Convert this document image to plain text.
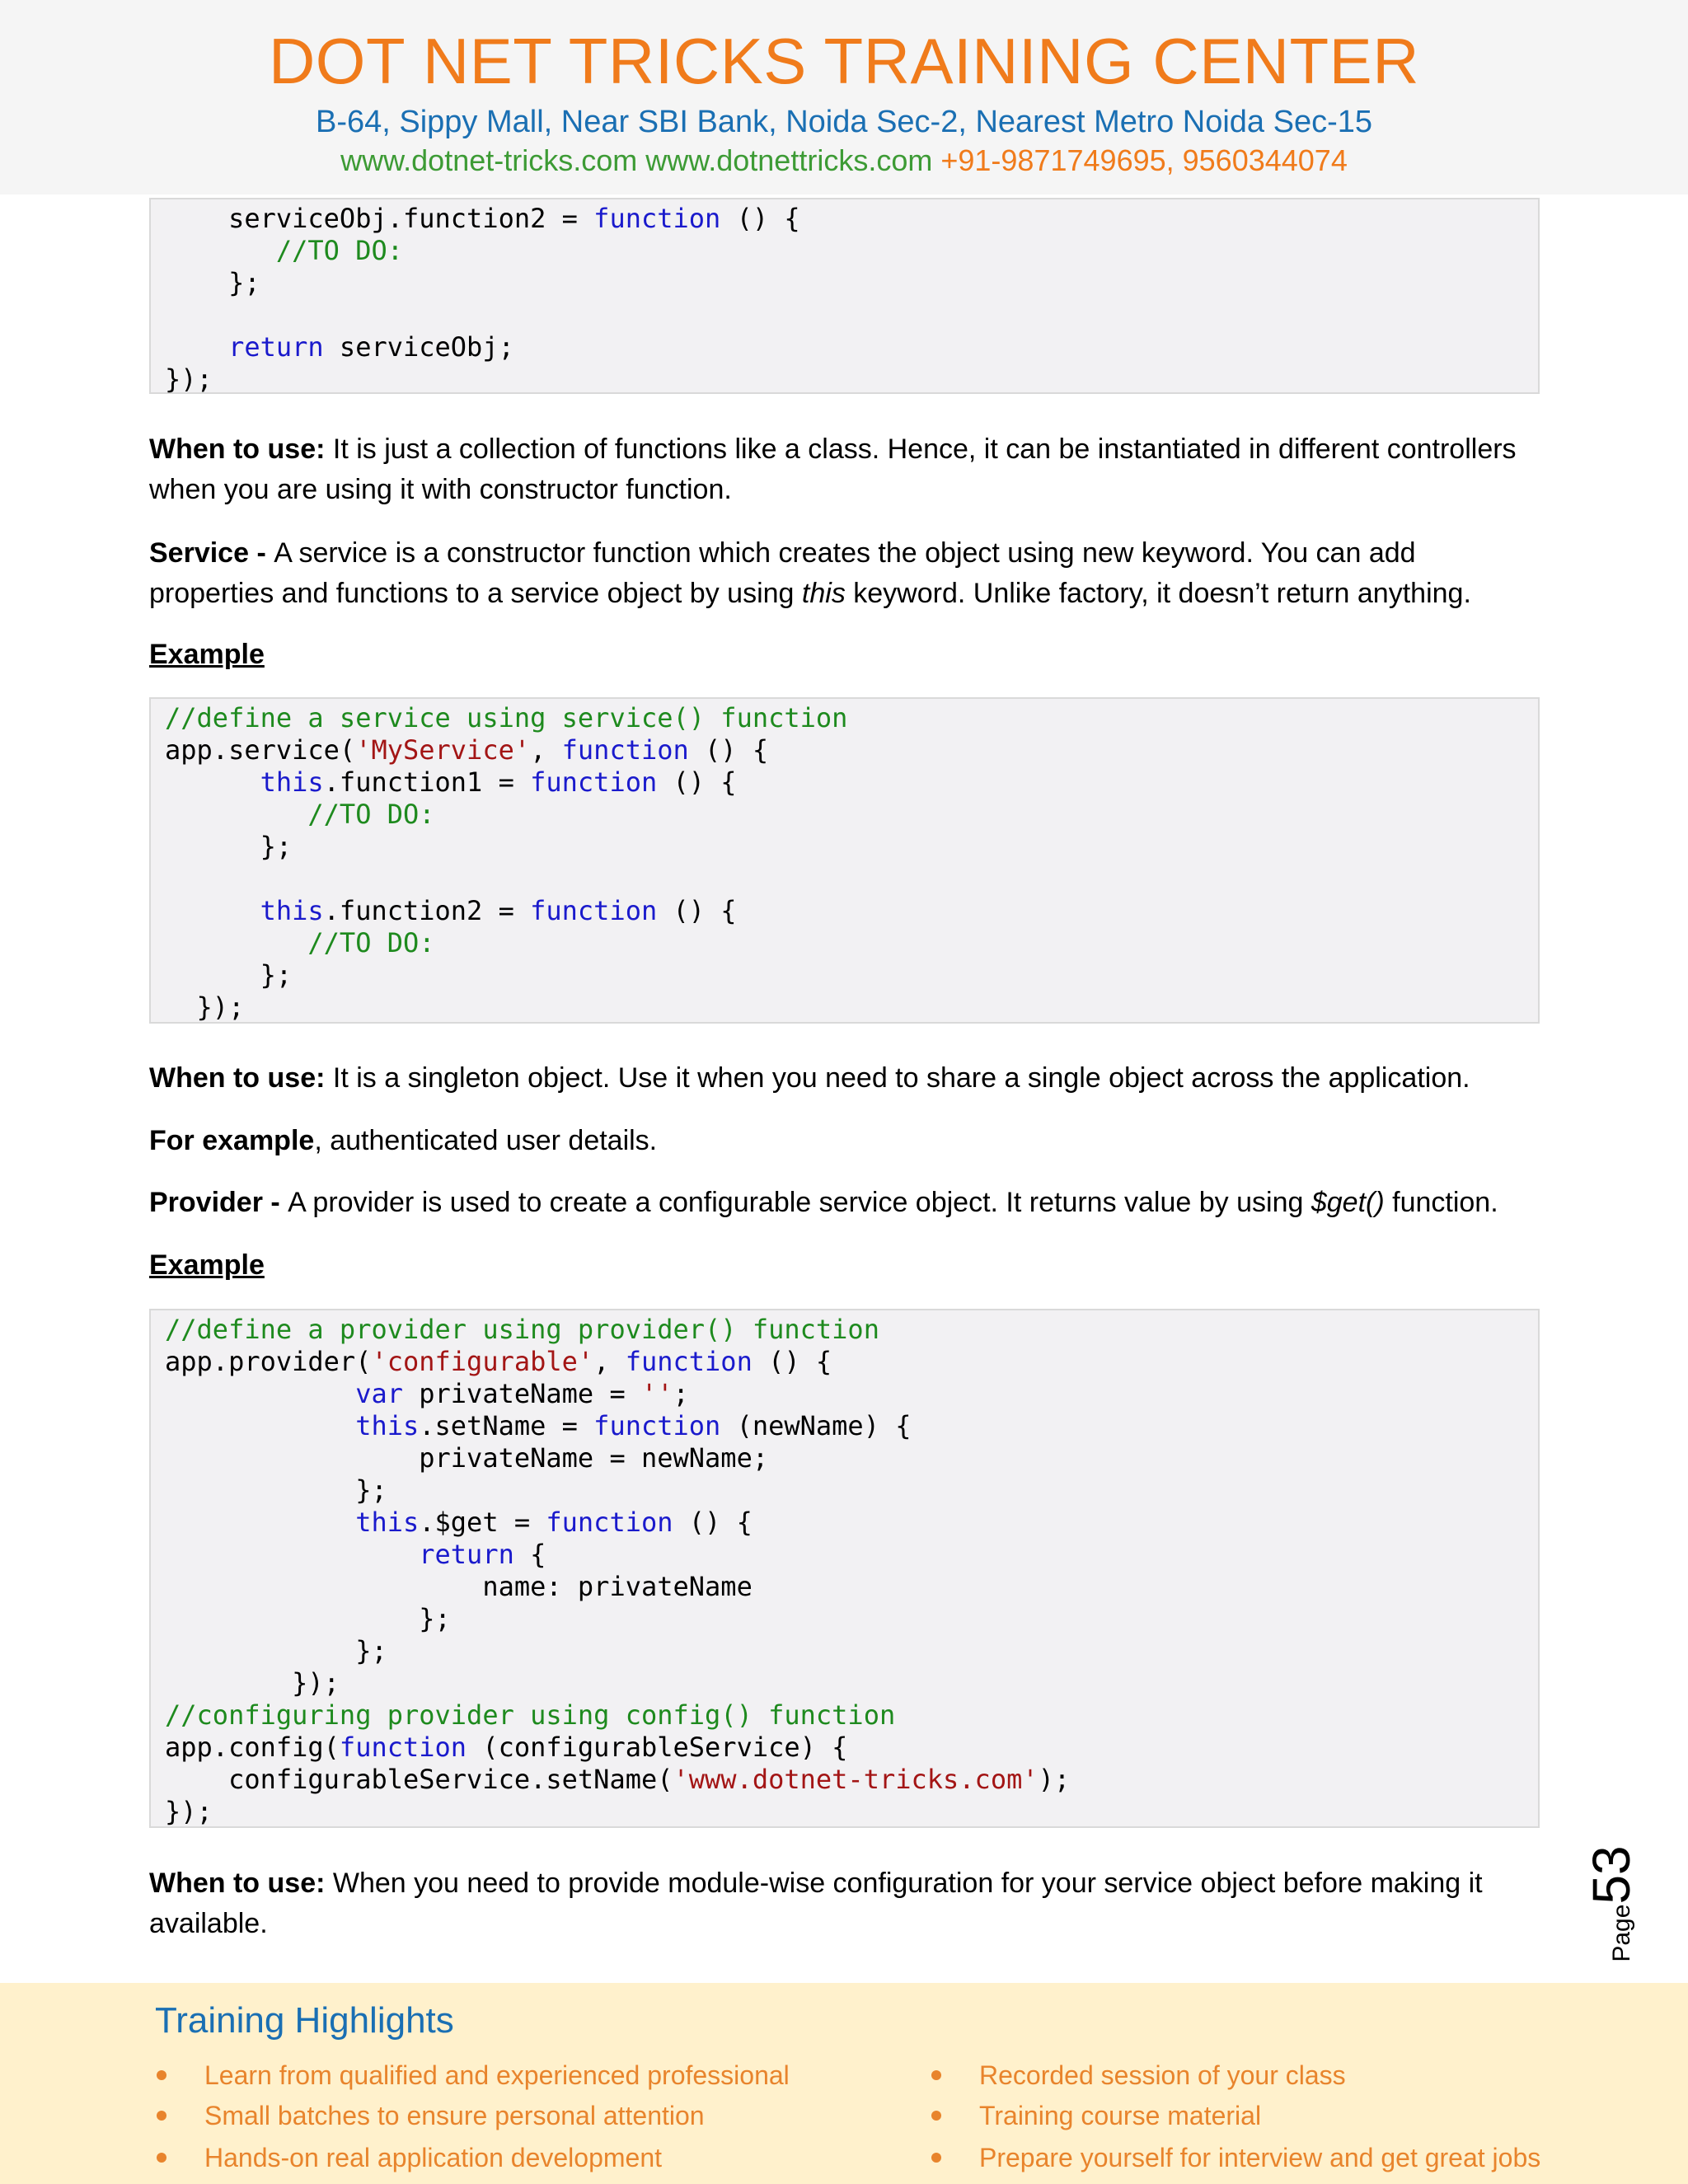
DOT NET TRICKS TRAINING CENTER
B-64, Sippy Mall, Near SBI Bank, Noida Sec-2, Nearest Metro Noida Sec-15
www.dotnet-tricks.com www.dotnettricks.com +91-9871749695, 9560344074
serviceObj.function2 = function () {
//TO DO:
};
return serviceObj;
});
When to use: It is just a collection of functions like a class. Hence, it can be instantiated in different controllers when you are using it with constructor function.
Service - A service is a constructor function which creates the object using new keyword. You can add properties and functions to a service object by using this keyword. Unlike factory, it doesn’t return anything.
Example
//define a service using service() function
app.service('MyService', function () {
this.function1 = function () {
//TO DO:
};
this.function2 = function () {
//TO DO:
};
});
When to use: It is a singleton object. Use it when you need to share a single object across the application.
For example, authenticated user details.
Provider - A provider is used to create a configurable service object. It returns value by using $get() function.
Example
//define a provider using provider() function
app.provider('configurable', function () {
var privateName = '';
this.setName = function (newName) {
privateName = newName;
};
this.$get = function () {
return {
name: privateName
};
};
});
//configuring provider using config() function
app.config(function (configurableService) {
configurableService.setName('www.dotnet-tricks.com');
});
When to use: When you need to provide module-wise configuration for your service object before making it available.	Page53
Training Highlights
Learn from qualified and experienced professional
Small batches to ensure personal attention
Hands-on real application development
Recorded session of your class
Training course material
Prepare yourself for interview and get great jobs
